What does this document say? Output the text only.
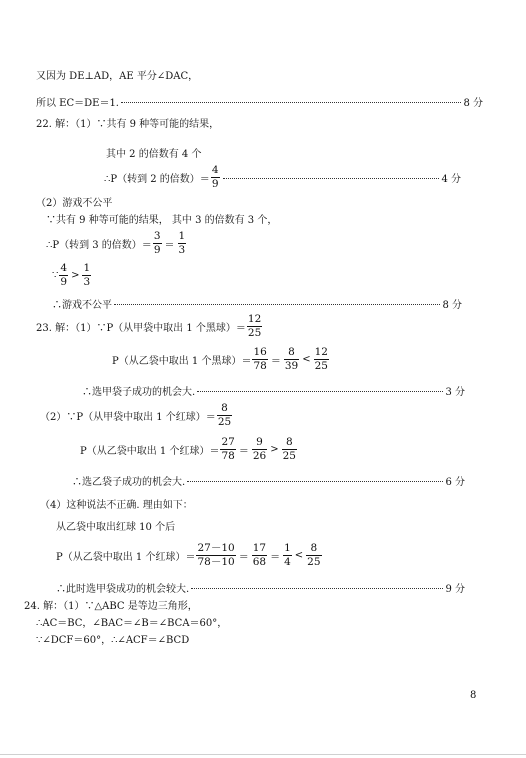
又因为 DE⊥AD，AE 平分∠DAC，
所以 EC＝DE＝1.	8 分
22. 解：（1）∵共有 9 种等可能的结果，
其中 2 的倍数有 4 个
∴P（转到 2 的倍数）＝ $\frac{4}{9}$	4 分
（2）游戏不公平
∵共有 9 种等可能的结果， 其中 3 的倍数有 3 个，
∴P（转到 3 的倍数）＝ $\frac{3}{9} = \frac{1}{3}$
∵ $\frac{4}{9} > \frac{1}{3}$
∴游戏不公平	8 分
23. 解：（1）∵P（从甲袋中取出 1 个黑球）＝ $\frac{12}{25}$
P（从乙袋中取出 1 个黑球）＝ $\frac{16}{78} = \frac{8}{39} < \frac{12}{25}$
∴选甲袋子成功的机会大.	3 分
（2）∵P（从甲袋中取出 1 个红球）＝ $\frac{8}{25}$
P（从乙袋中取出 1 个红球）＝ $\frac{27}{78} = \frac{9}{26} > \frac{8}{25}$
∴选乙袋子成功的机会大.	6 分
（4）这种说法不正确. 理由如下：
从乙袋中取出红球 10 个后
P（从乙袋中取出 1 个红球）＝ $\frac{27-10}{78-10} = \frac{17}{68} = \frac{1}{4} < \frac{8}{25}$
∴此时选甲袋成功的机会较大.	9 分
24. 解：（1）∵△ABC 是等边三角形，
∴AC＝BC，∠BAC＝∠B＝∠BCA＝60°，
∵∠DCF＝60°，∴∠ACF＝∠BCD
8
